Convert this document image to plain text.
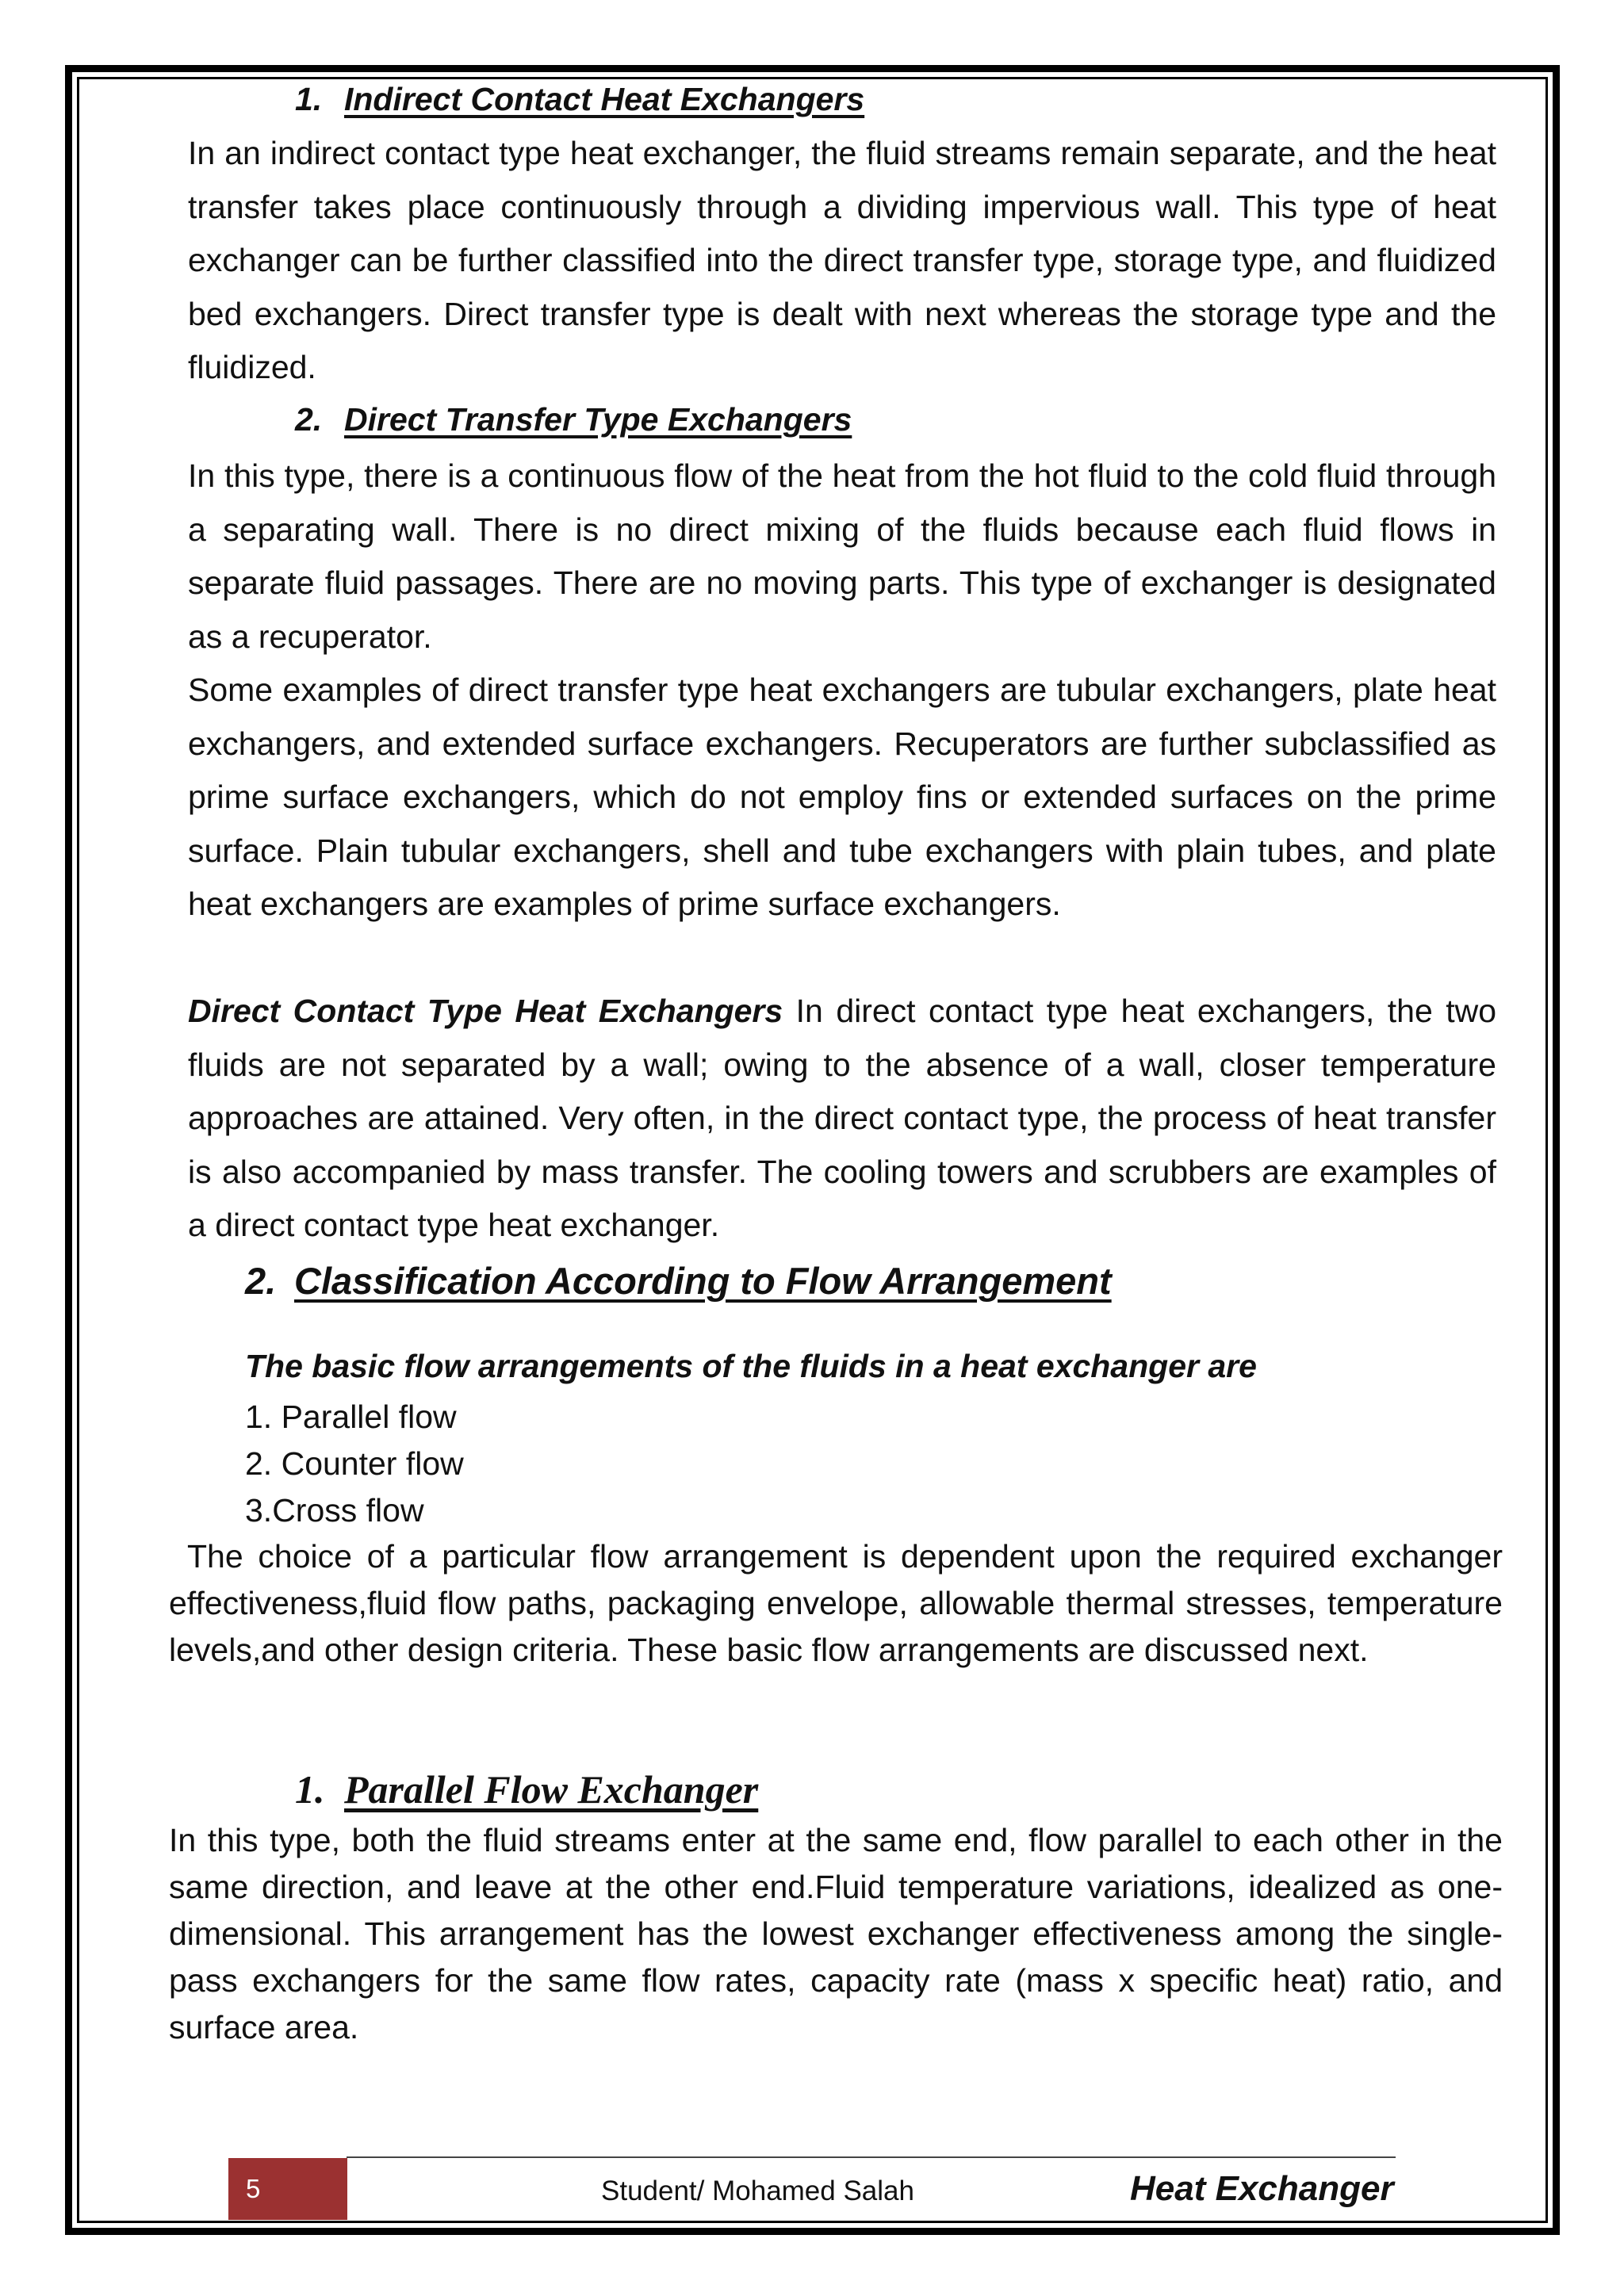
1. Indirect Contact Heat Exchangers

In an indirect contact type heat exchanger, the fluid streams remain separate, and the heat transfer takes place continuously through a dividing impervious wall. This type of heat exchanger can be further classified into the direct transfer type, storage type, and fluidized bed exchangers. Direct transfer type is dealt with next whereas the storage type and the fluidized.

2. Direct Transfer Type Exchangers

In this type, there is a continuous flow of the heat from the hot fluid to the cold fluid through a separating wall. There is no direct mixing of the fluids because each fluid flows in separate fluid passages. There are no moving parts. This type of exchanger is designated as a recuperator.

Some examples of direct transfer type heat exchangers are tubular exchangers, plate heat exchangers, and extended surface exchangers. Recuperators are further subclassified as prime surface exchangers, which do not employ fins or extended surfaces on the prime surface. Plain tubular exchangers, shell and tube exchangers with plain tubes, and plate heat exchangers are examples of prime surface exchangers.

Direct Contact Type Heat Exchangers In direct contact type heat exchangers, the two fluids are not separated by a wall; owing to the absence of a wall, closer temperature approaches are attained. Very often, in the direct contact type, the process of heat transfer is also accompanied by mass transfer. The cooling towers and scrubbers are examples of a direct contact type heat exchanger.

2. Classification According to Flow Arrangement
The basic flow arrangements of the fluids in a heat exchanger are
1. Parallel flow
2. Counter flow
3.Cross flow

The choice of a particular flow arrangement is dependent upon the required exchanger effectiveness,fluid flow paths, packaging envelope, allowable thermal stresses, temperature levels,and other design criteria. These basic flow arrangements are discussed next.

1. Parallel Flow Exchanger

In this type, both the fluid streams enter at the same end, flow parallel to each other in the same direction, and leave at the other end.Fluid temperature variations, idealized as one-dimensional. This arrangement has the lowest exchanger effectiveness among the single-pass exchangers for the same flow rates, capacity rate (mass x specific heat) ratio, and surface area.

5	Student/ Mohamed Salah	Heat Exchanger
